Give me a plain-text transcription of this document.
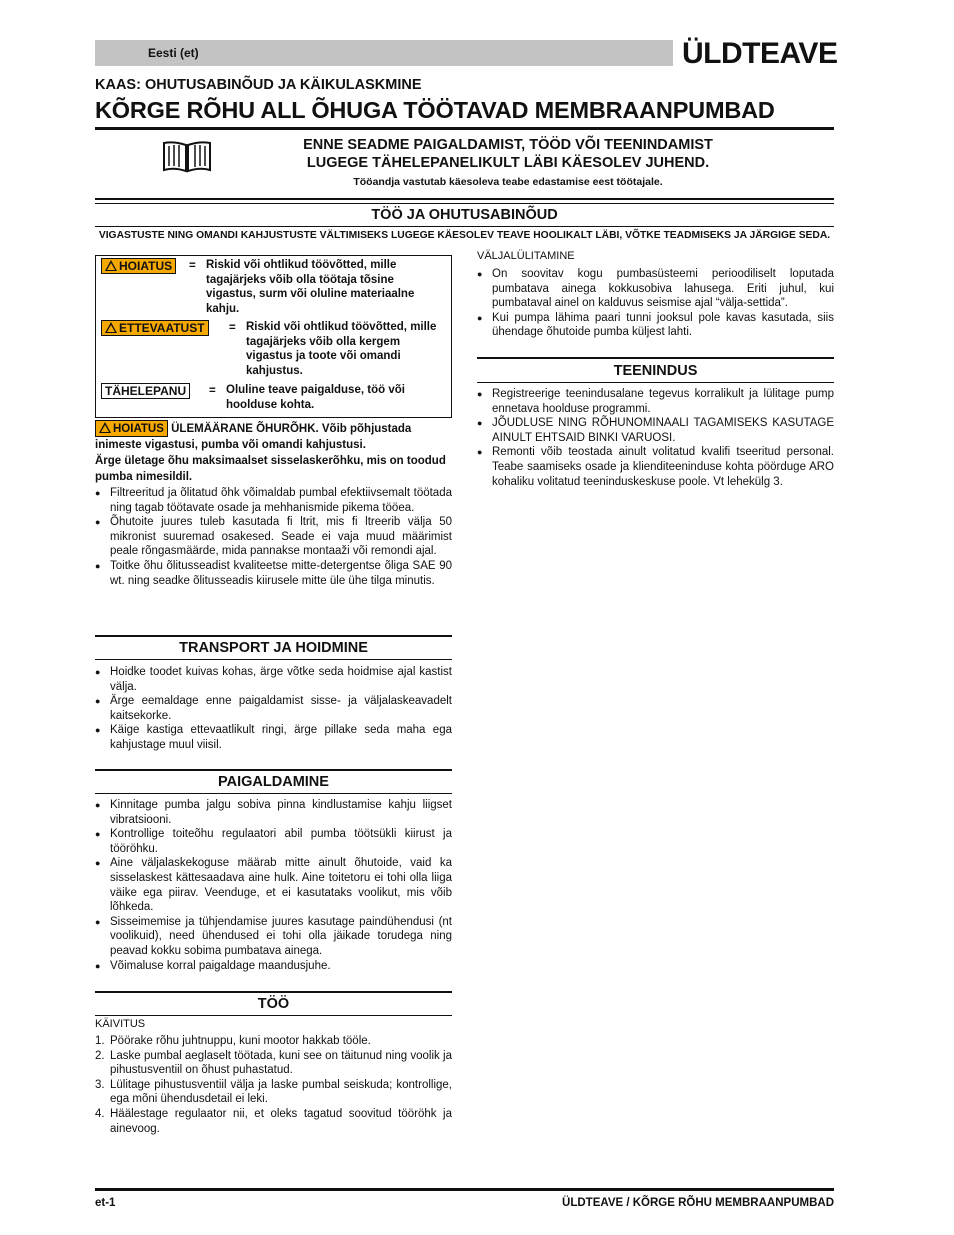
Eesti (et)	ÜLDTEAVE
KAAS: OHUTUSABINÕUD JA KÄIKULASKMINE
KÕRGE RÕHU ALL ÕHUGA TÖÖTAVAD MEMBRAANPUMBAD
ENNE SEADME PAIGALDAMIST, TÖÖD VÕI TEENINDAMIST
LUGEGE TÄHELEPANELIKULT LÄBI KÄESOLEV JUHEND.
Tööandja vastutab käesoleva teabe edastamise eest töötajale.
TÖÖ JA OHUTUSABINÕUD
VIGASTUSTE NING OMANDI KAHJUSTUSTE VÄLTIMISEKS LUGEGE KÄESOLEV TEAVE HOOLIKALT LÄBI, VÕTKE TEADMISEKS JA JÄRGIGE SEDA.
HOIATUS	= Riskid või ohtlikud töövõtted, mille tagajärjeks võib olla töötaja tõsine vigastus, surm või oluline materiaalne kahju.
ETTEVAATUST	= Riskid või ohtlikud töövõtted, mille tagajärjeks võib olla kergem vigastus ja toote või omandi kahjustus.
TÄHELEPANU	= Oluline teave paigalduse, töö või hoolduse kohta.
HOIATUS ÜLEMÄÄRANE ÕHURÕHK. Võib põhjustada inimeste vigastusi, pumba või omandi kahjustusi.
Ärge ületage õhu maksimaalset sisselaskerõhku, mis on toodud pumba nimesildil.
● Filtreeritud ja õlitatud õhk võimaldab pumbal efektiivsemalt töötada ning tagab töötavate osade ja mehhanismide pikema tööea.
● Õhutoite juures tuleb kasutada fi ltrit, mis fi ltreerib välja 50 mikronist suuremad osakesed. Seade ei vaja muud määrimist peale rõngasmäärde, mida pannakse montaaži või remondi ajal.
● Toitke õhu õlitusseadist kvaliteetse mitte-detergentse õliga SAE 90 wt. ning seadke õlitusseadis kiirusele mitte üle ühe tilga minutis.
TRANSPORT JA HOIDMINE
● Hoidke toodet kuivas kohas, ärge võtke seda hoidmise ajal kastist välja.
● Ärge eemaldage enne paigaldamist sisse- ja väljalaskeavadelt kaitsekorke.
● Käige kastiga ettevaatlikult ringi, ärge pillake seda maha ega kahjustage muul viisil.
PAIGALDAMINE
● Kinnitage pumba jalgu sobiva pinna kindlustamise kahju liigset vibratsiooni.
● Kontrollige toiteõhu regulaatori abil pumba töötsükli kiirust ja tööröhku.
● Aine väljalaskekoguse määrab mitte ainult õhutoide, vaid ka sisselaskest kättesaadava aine hulk. Aine toitetoru ei tohi olla liiga väike ega piirav. Veenduge, et ei kasutataks voolikut, mis võib lõhkeda.
● Sisseimemise ja tühjendamise juures kasutage paindühendusi (nt voolikuid), need ühendused ei tohi olla jäikade torudega ning peavad kokku sobima pumbatava ainega.
● Võimaluse korral paigaldage maandusjuhe.
TÖÖ
KÄIVITUS
1. Pöörake rõhu juhtnuppu, kuni mootor hakkab tööle.
2. Laske pumbal aeglaselt töötada, kuni see on täitunud ning voolik ja pihustusventiil on õhust puhastatud.
3. Lülitage pihustusventiil välja ja laske pumbal seiskuda; kontrollige, ega mõni ühendusdetail ei leki.
4. Häälestage regulaator nii, et oleks tagatud soovitud tööröhk ja ainevoog.
VÄLJALÜLITAMINE
● On soovitav kogu pumbasüsteemi perioodiliselt loputada pumbatava ainega kokkusobiva lahusega. Eriti juhul, kui pumbataval ainel on kalduvus seismise ajal “välja-settida”.
● Kui pumpa lähima paari tunni jooksul pole kavas kasutada, siis ühendage õhutoide pumba küljest lahti.
TEENINDUS
● Registreerige teenindusalane tegevus korralikult ja lülitage pump ennetava hoolduse programmi.
● JÕUDLUSE NING RÕHUNOMINAALI TAGAMISEKS KASUTAGE AINULT EHTSAID BINKI VARUOSI.
● Remonti võib teostada ainult volitatud kvalifi tseeritud personal. Teabe saamiseks osade ja klienditeeninduse kohta pöörduge ARO kohaliku volitatud teeninduskeskuse poole. Vt lehekülg 3.
et-1	ÜLDTEAVE / KÕRGE RÕHU MEMBRAANPUMBAD
